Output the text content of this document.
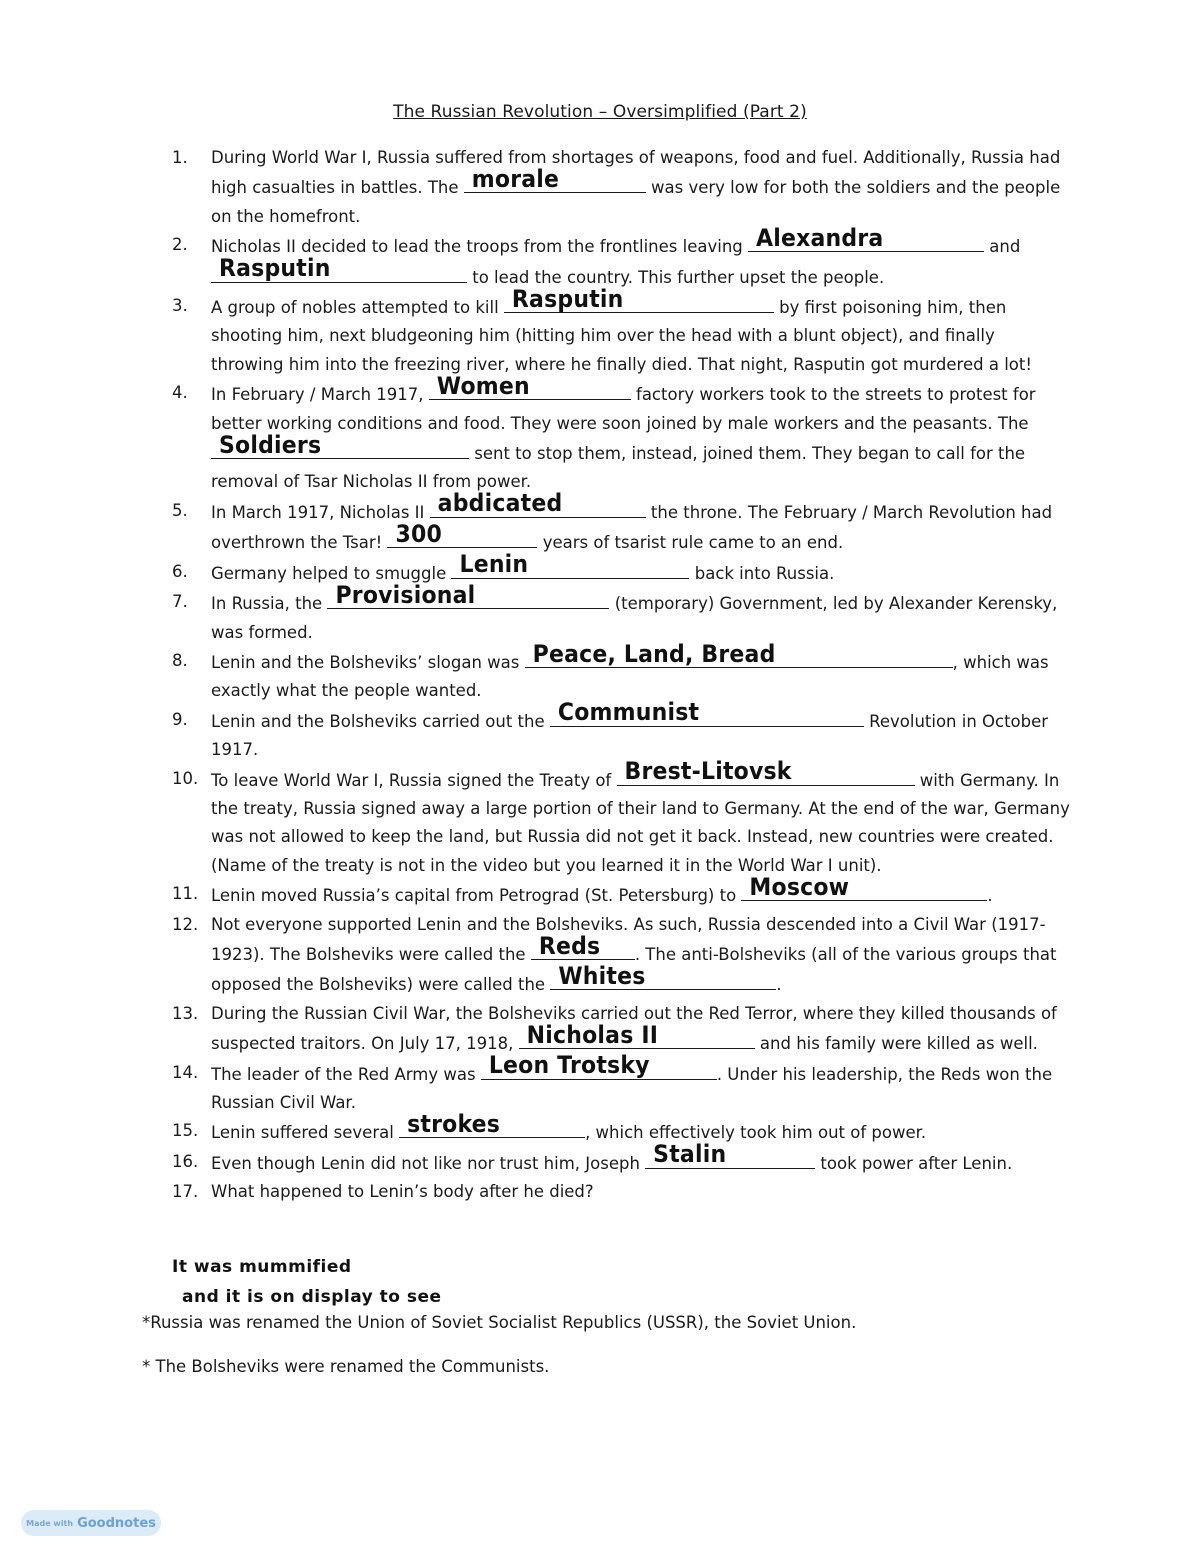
The Russian Revolution – Oversimplified (Part 2)
1.	During World War I, Russia suffered from shortages of weapons, food and fuel. Additionally, Russia had high casualties in battles. The morale	was very low for both the soldiers and the people on the homefront.
2.	Nicholas II decided to lead the troops from the frontlines leaving Alexandra	and
Rasputin	to lead the country. This further upset the people.
3.	A group of nobles attempted to kill Rasputin	by first poisoning him, then shooting him, next bludgeoning him (hitting him over the head with a blunt object), and finally throwing him into the freezing river, where he finally died. That night, Rasputin got murdered a lot!
4.	In February / March 1917, Women	factory workers took to the streets to protest for better working conditions and food. They were soon joined by male workers and the peasants. The
Soldiers	sent to stop them, instead, joined them. They began to call for the removal of Tsar Nicholas II from power.
5.	In March 1917, Nicholas II abdicated	the throne. The February / March Revolution had overthrown the Tsar! 300	years of tsarist rule came to an end.
6.	Germany helped to smuggle Lenin	back into Russia.
7.	In Russia, the Provisional	(temporary) Government, led by Alexander Kerensky, was formed.
8.	Lenin and the Bolsheviks’ slogan was Peace, Land, Bread	, which was exactly what the people wanted.
9.	Lenin and the Bolsheviks carried out the Communist	Revolution in October 1917.
10. To leave World War I, Russia signed the Treaty of Brest-Litovsk	with Germany. In the treaty, Russia signed away a large portion of their land to Germany. At the end of the war, Germany was not allowed to keep the land, but Russia did not get it back. Instead, new countries were created. (Name of the treaty is not in the video but you learned it in the World War I unit).
11. Lenin moved Russia’s capital from Petrograd (St. Petersburg) to Moscow	.
12. Not everyone supported Lenin and the Bolsheviks. As such, Russia descended into a Civil War (1917-1923). The Bolsheviks were called the Reds . The anti-Bolsheviks (all of the various groups that opposed the Bolsheviks) were called the Whites	.
13. During the Russian Civil War, the Bolsheviks carried out the Red Terror, where they killed thousands of suspected traitors. On July 17, 1918, Nicholas II	and his family were killed as well.
14. The leader of the Red Army was Leon Trotsky	. Under his leadership, the Reds won the Russian Civil War.
15. Lenin suffered several strokes	, which effectively took him out of power.
16. Even though Lenin did not like nor trust him, Joseph Stalin	took power after Lenin.
17. What happened to Lenin’s body after he died?
It was mummified
and it is on display to see
*Russia was renamed the Union of Soviet Socialist Republics (USSR), the Soviet Union.
* The Bolsheviks were renamed the Communists.
Made with Goodnotes
